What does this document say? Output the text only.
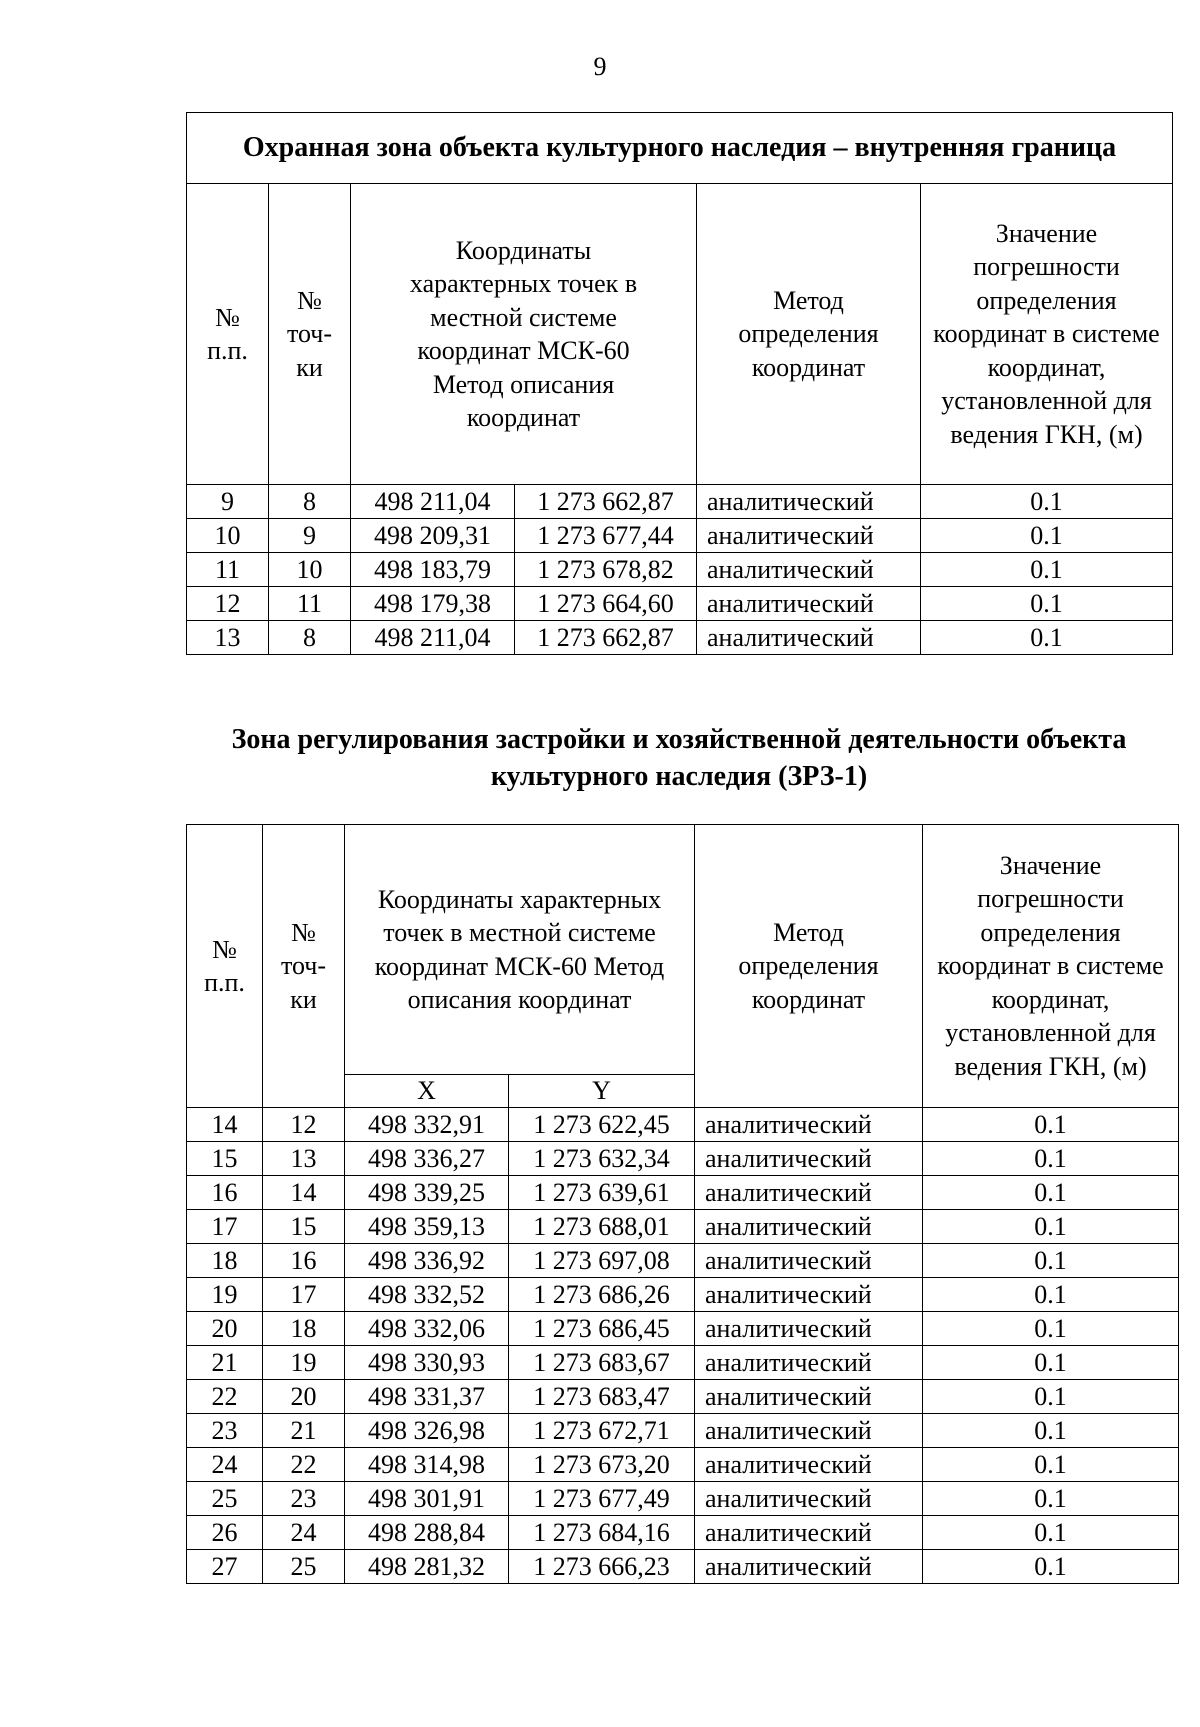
9
Охранная зона объекта культурного наследия – внутренняя граница					
№ п.п.	№ точ-ки	Координаты характерных точек в местной системе координат МСК-60 Метод описания координат		Метод определения координат	Значение погрешности определения координат в системе координат, установленной для ведения ГКН, (м)
9	8	498 211,04	1 273 662,87	аналитический	0.1
10	9	498 209,31	1 273 677,44	аналитический	0.1
11	10	498 183,79	1 273 678,82	аналитический	0.1
12	11	498 179,38	1 273 664,60	аналитический	0.1
13	8	498 211,04	1 273 662,87	аналитический	0.1
Зона регулирования застройки и хозяйственной деятельности объекта
культурного наследия (ЗРЗ-1)
№ п.п.	№ точ-ки	Координаты характерных точек в местной системе координат МСК-60 Метод описания координат		Метод определения координат	Значение погрешности определения координат в системе координат, установленной для ведения ГКН, (м)
		X	Y		
14	12	498 332,91	1 273 622,45	аналитический	0.1
15	13	498 336,27	1 273 632,34	аналитический	0.1
16	14	498 339,25	1 273 639,61	аналитический	0.1
17	15	498 359,13	1 273 688,01	аналитический	0.1
18	16	498 336,92	1 273 697,08	аналитический	0.1
19	17	498 332,52	1 273 686,26	аналитический	0.1
20	18	498 332,06	1 273 686,45	аналитический	0.1
21	19	498 330,93	1 273 683,67	аналитический	0.1
22	20	498 331,37	1 273 683,47	аналитический	0.1
23	21	498 326,98	1 273 672,71	аналитический	0.1
24	22	498 314,98	1 273 673,20	аналитический	0.1
25	23	498 301,91	1 273 677,49	аналитический	0.1
26	24	498 288,84	1 273 684,16	аналитический	0.1
27	25	498 281,32	1 273 666,23	аналитический	0.1
